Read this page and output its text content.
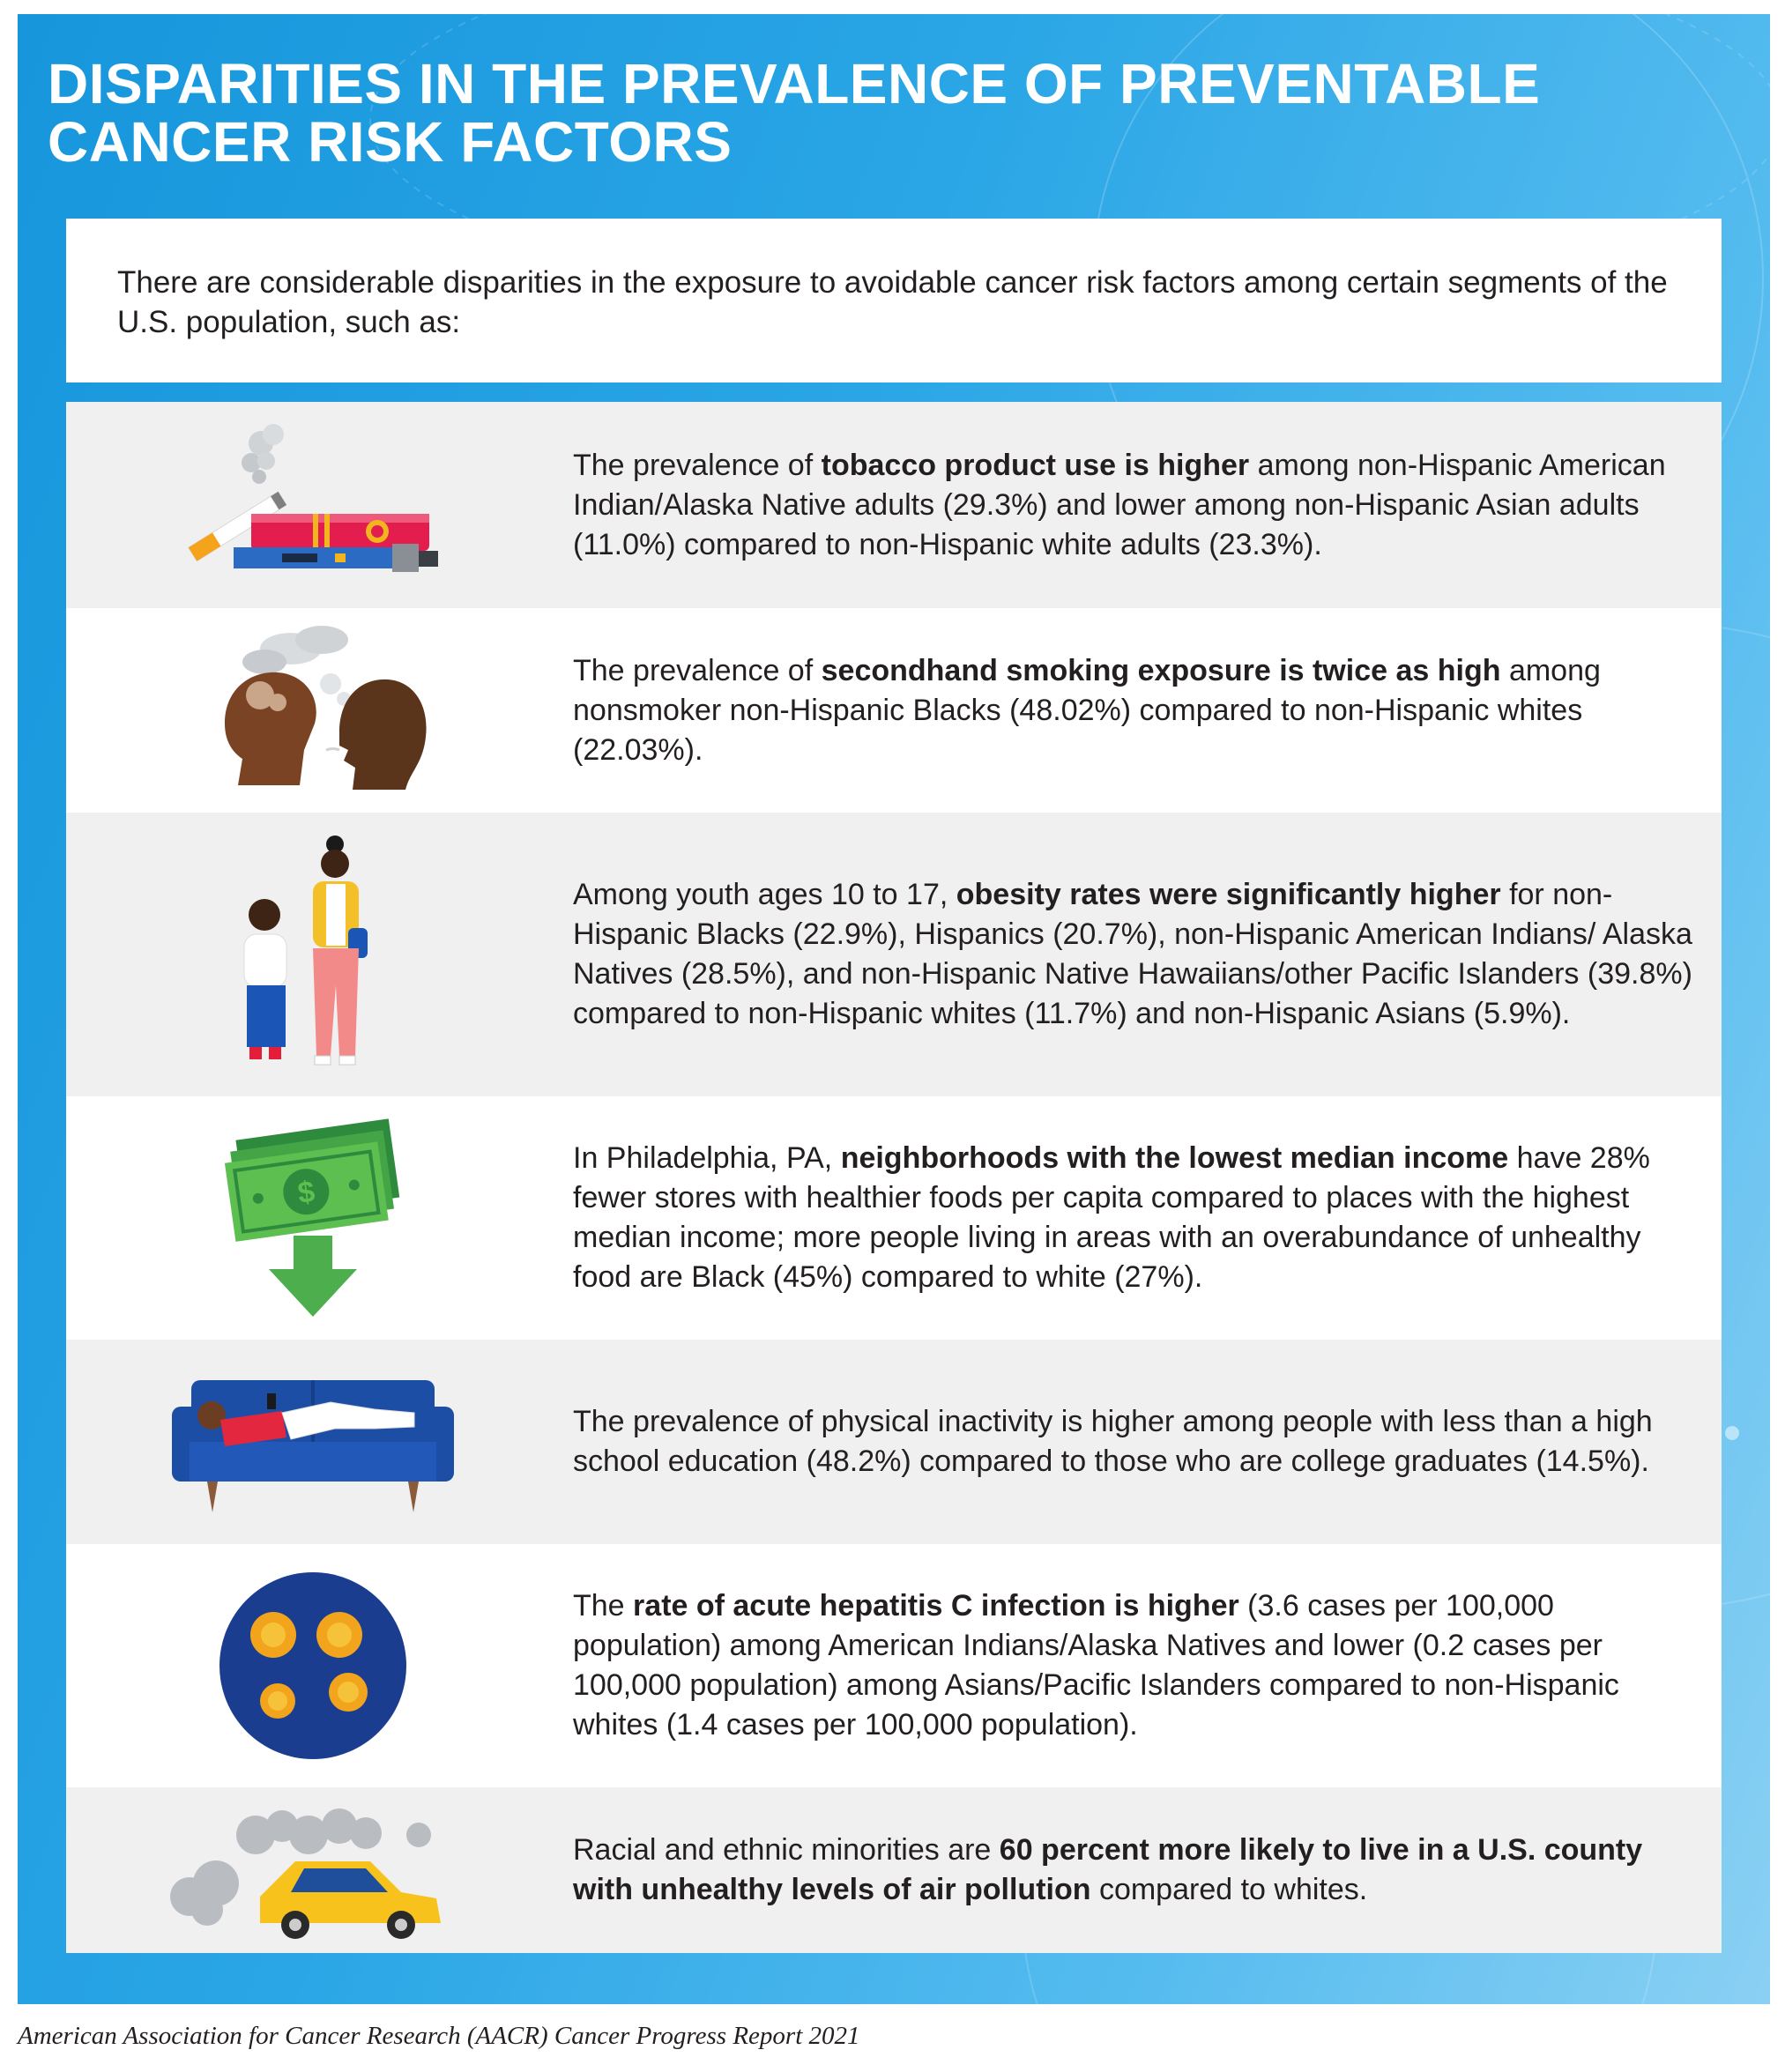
DISPARITIES IN THE PREVALENCE OF PREVENTABLE
CANCER RISK FACTORS

There are considerable disparities in the exposure to avoidable cancer risk factors among certain segments of the U.S. population, such as:

The prevalence of tobacco product use is higher among non-Hispanic American Indian/Alaska Native adults (29.3%) and lower among non-Hispanic Asian adults (11.0%) compared to non-Hispanic white adults (23.3%).

The prevalence of secondhand smoking exposure is twice as high among nonsmoker non-Hispanic Blacks (48.02%) compared to non-Hispanic whites (22.03%).

Among youth ages 10 to 17, obesity rates were significantly higher for non-Hispanic Blacks (22.9%), Hispanics (20.7%), non-Hispanic American Indians/ Alaska Natives (28.5%), and non-Hispanic Native Hawaiians/other Pacific Islanders (39.8%) compared to non-Hispanic whites (11.7%) and non-Hispanic Asians (5.9%).

$

In Philadelphia, PA, neighborhoods with the lowest median income have 28% fewer stores with healthier foods per capita compared to places with the highest median income; more people living in areas with an overabundance of unhealthy food are Black (45%) compared to white (27%).

The prevalence of physical inactivity is higher among people with less than a high school education (48.2%) compared to those who are college graduates (14.5%).

The rate of acute hepatitis C infection is higher (3.6 cases per 100,000 population) among American Indians/Alaska Natives and lower (0.2 cases per 100,000 population) among Asians/Pacific Islanders compared to non-Hispanic whites (1.4 cases per 100,000 population).

Racial and ethnic minorities are 60 percent more likely to live in a U.S. county with unhealthy levels of air pollution compared to whites.

American Association for Cancer Research (AACR) Cancer Progress Report 2021
